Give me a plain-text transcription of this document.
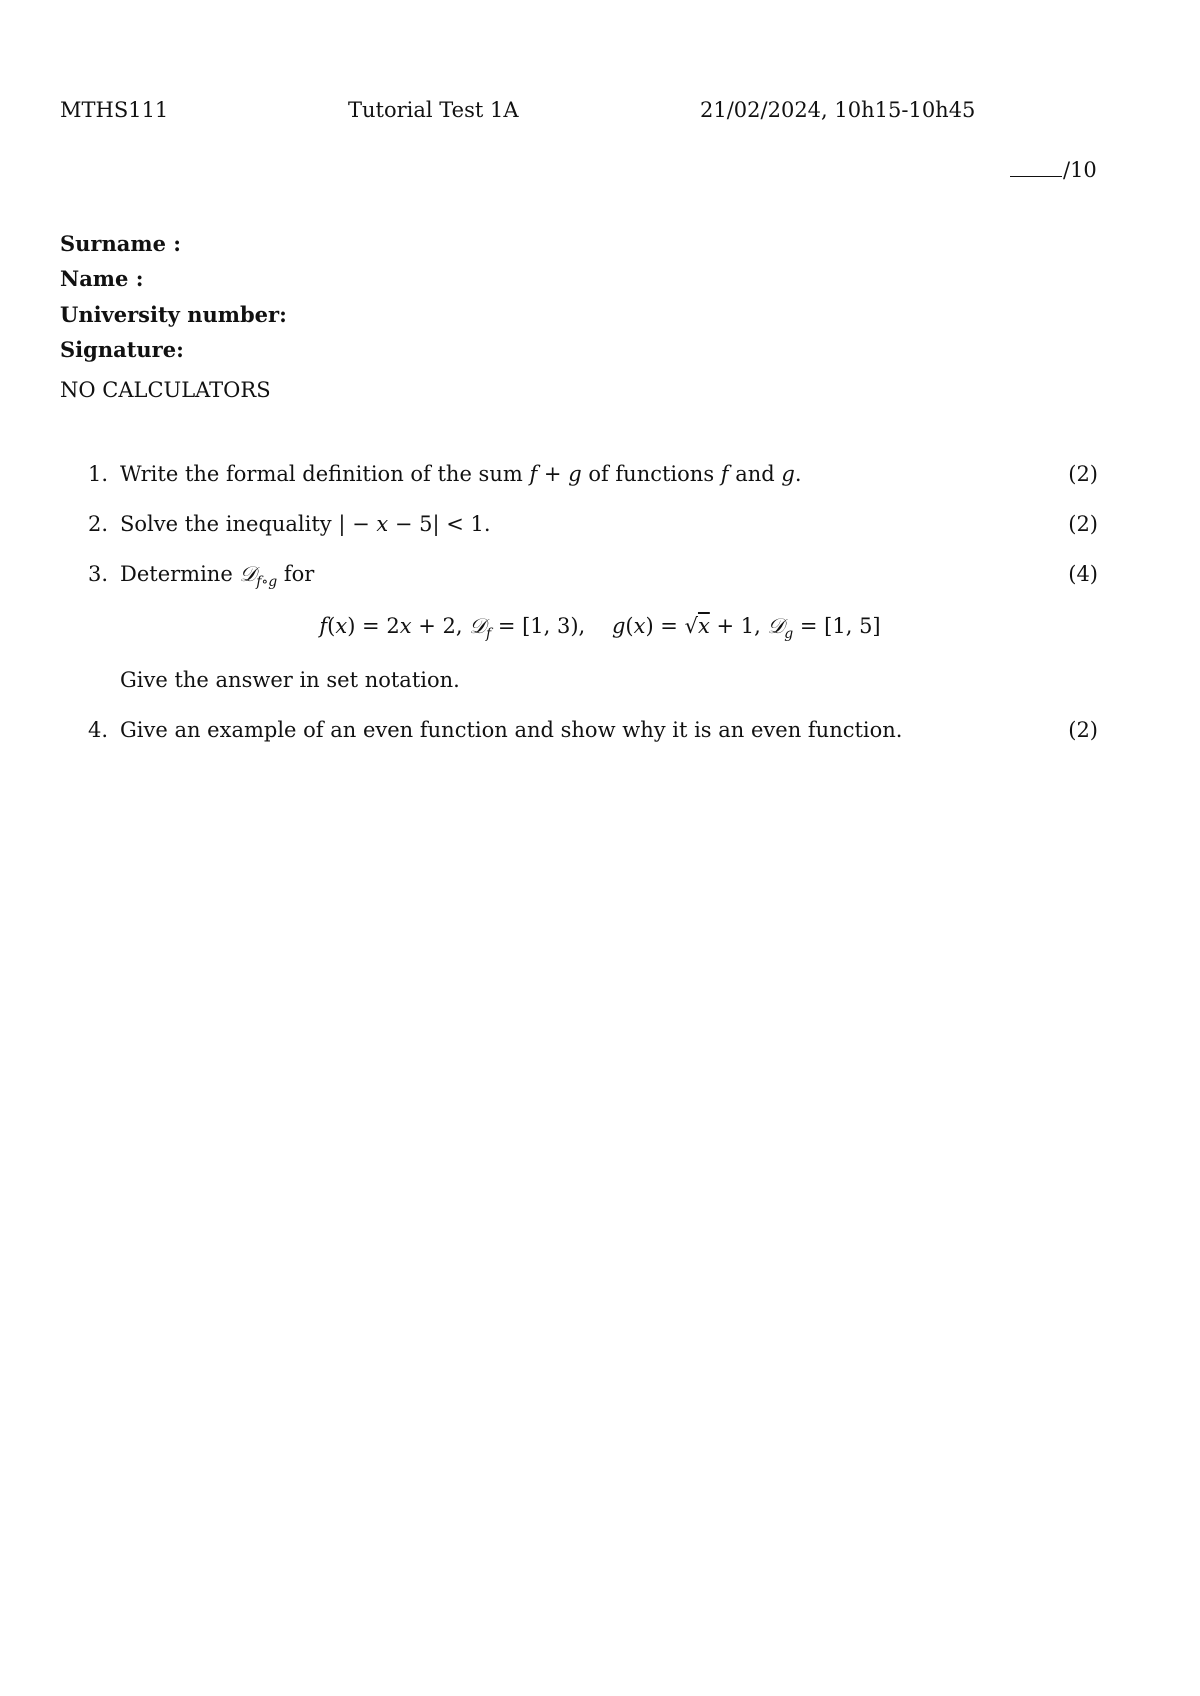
MTHS111	Tutorial Test 1A	21/02/2024, 10h15-10h45
/10
Surname :
Name :
University number:
Signature:
NO CALCULATORS
1. Write the formal definition of the sum f + g of functions f and g.	(2)
2. Solve the inequality | − x − 5| < 1.	(2)
3. Determine 𝒟$_{f\circ g}$ for	(4)
f(x) = 2x + 2, 𝒟$_f$ = [1, 3),    g(x) = √x + 1, 𝒟$_g$ = [1, 5]
Give the answer in set notation.
4. Give an example of an even function and show why it is an even function.	(2)
